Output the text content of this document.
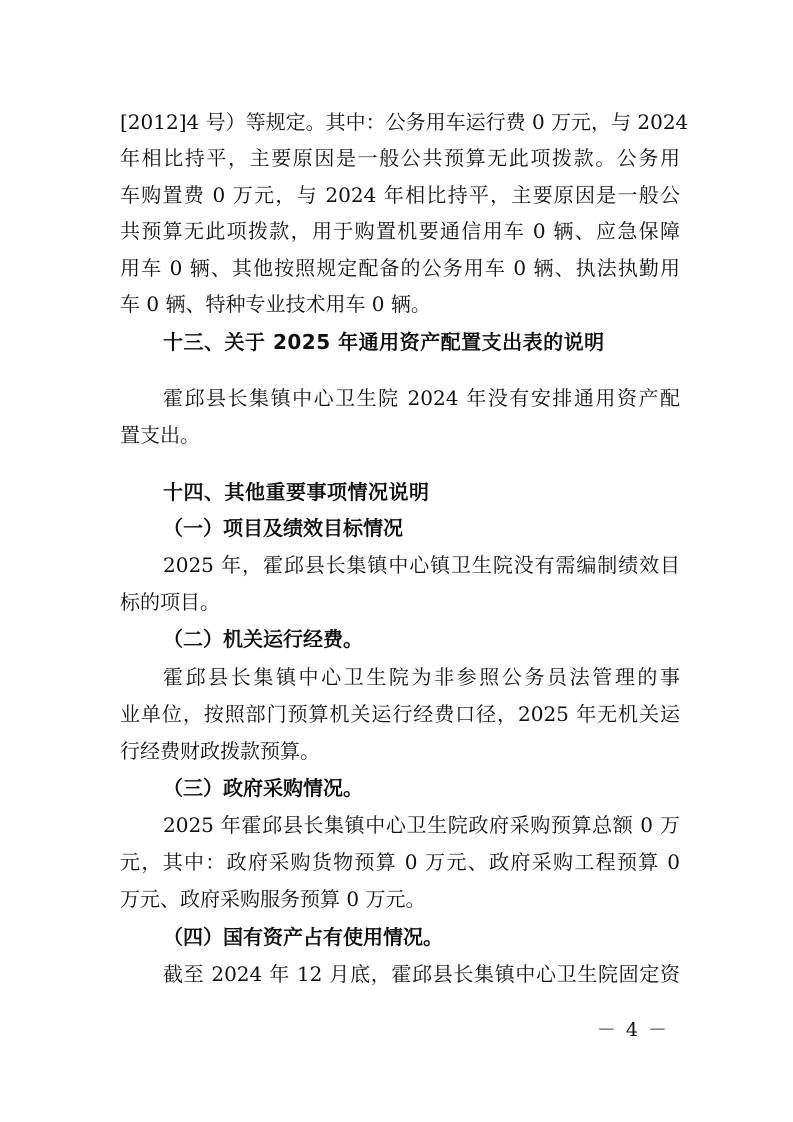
[2012]4 号）等规定。其中：公务用车运行费 0 万元，与 2024
年相比持平，主要原因是一般公共预算无此项拨款。公务用
车购置费 0 万元，与 2024 年相比持平，主要原因是一般公
共预算无此项拨款，用于购置机要通信用车 0 辆、应急保障
用车 0 辆、其他按照规定配备的公务用车 0 辆、执法执勤用
车 0 辆、特种专业技术用车 0 辆。
十三、关于 2025 年通用资产配置支出表的说明
霍邱县长集镇中心卫生院 2024 年没有安排通用资产配
置支出。
十四、其他重要事项情况说明
（一）项目及绩效目标情况
2025 年，霍邱县长集镇中心镇卫生院没有需编制绩效目
标的项目。
（二）机关运行经费。
霍邱县长集镇中心卫生院为非参照公务员法管理的事
业单位，按照部门预算机关运行经费口径，2025 年无机关运
行经费财政拨款预算。
（三）政府采购情况。
2025 年霍邱县长集镇中心卫生院政府采购预算总额 0 万
元，其中：政府采购货物预算 0 万元、政府采购工程预算 0
万元、政府采购服务预算 0 万元。
（四）国有资产占有使用情况。
截至 2024 年 12 月底，霍邱县长集镇中心卫生院固定资
－ 4 －
